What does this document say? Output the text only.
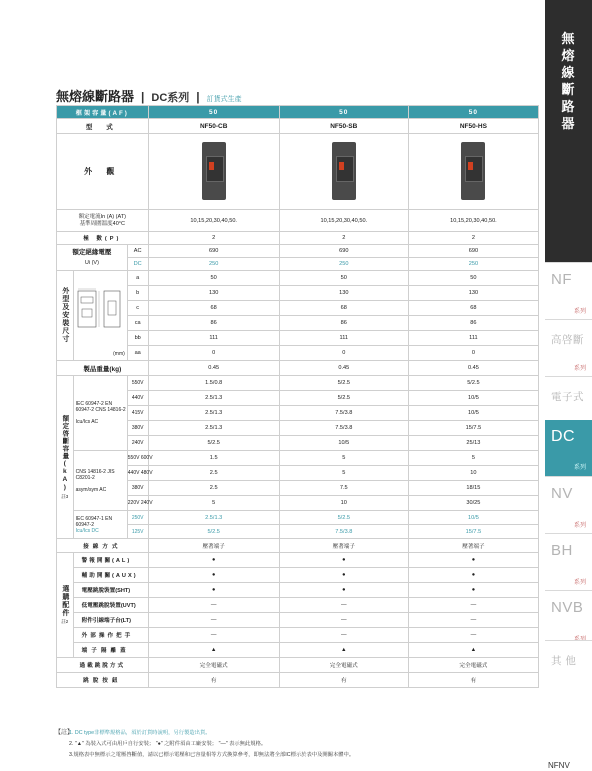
無熔線斷路器
NF
系列
高啓斷
系列
電子式
DC
系列
NV
系列
BH
系列
NVB
其 他
NFNV
無熔線斷路器 | DC系列 | 訂貨式生產
框架容量(AF)			50	50	50
型 式			NF50-CB	NF50-SB	NF50-HS
外 觀					
額定電流In (A) (AT)
基準周圍溫度40°C			10,15,20,30,40,50.	10,15,20,30,40,50.	10,15,20,30,40,50.
極 數(P)			2	2	2
額定絕緣電壓
Ui (V)		AC	690	690	690
		DC	250	250	250
外型及安裝尺寸	(mm)	a	50	50	50
		b	130	130	130
		c	68	68	68
		ca	86	86	86
		bb	111	111	111
		aa	0	0	0
製品重量(kg)			0.45	0.45	0.45
額定啓斷容量(kA)
註3	IEC 60947-2 EN 60947-2 CNS 14816-2

Icu/Ics AC	550V	1.5/0.8	5/2.5	5/2.5
		440V	2.5/1.3	5/2.5	10/5
		415V	2.5/1.3	7.5/3.8	10/5
		380V	2.5/1.3	7.5/3.8	15/7.5
		240V	5/2.5	10/5	25/13
	CNS 14816-2 JIS C8201-2

asym/sym AC	550V 600V	1.5	5	5
		440V 480V	2.5	5	10
		380V	2.5	7.5	18/15
		220V 240V	5	10	30/25
	IEC 60947-1 EN 60947-2
Icu/Ics DC	250V	2.5/1.3	5/2.5	10/5
		125V	5/2.5	7.5/3.8	15/7.5
接線方式			壓著端子	壓著端子	壓著端子
選購配件
註2	警報開關(AL)		●	●	●
	輔助開關(AUX)		●	●	●
	電壓跳脫裝置(SHT)		●	●	●
	低電壓跳脫裝置(UVT)		—	—	—
	附件引線端子台(LT)		—	—	—
	外部操作把手		—	—	—
	端子隔離蓋		▲	▲	▲
過載跳脫方式			完全電磁式	完全電磁式	完全電磁式
跳脫按鈕			有	有	有
【註】
1. DC type非標準規格品，須於訂貨時說明，另行製造出貨。
2. "▲" 為裝入式可由用戶自行安裝； "●" 之附件須由工廠安裝； "—" 表示無此規格。
3.規格表中無標示之電壓啓斷值，請以已標示電壓和已容量相等方式換算參考，即無法將全部IC標示於表中及開關本體中。
